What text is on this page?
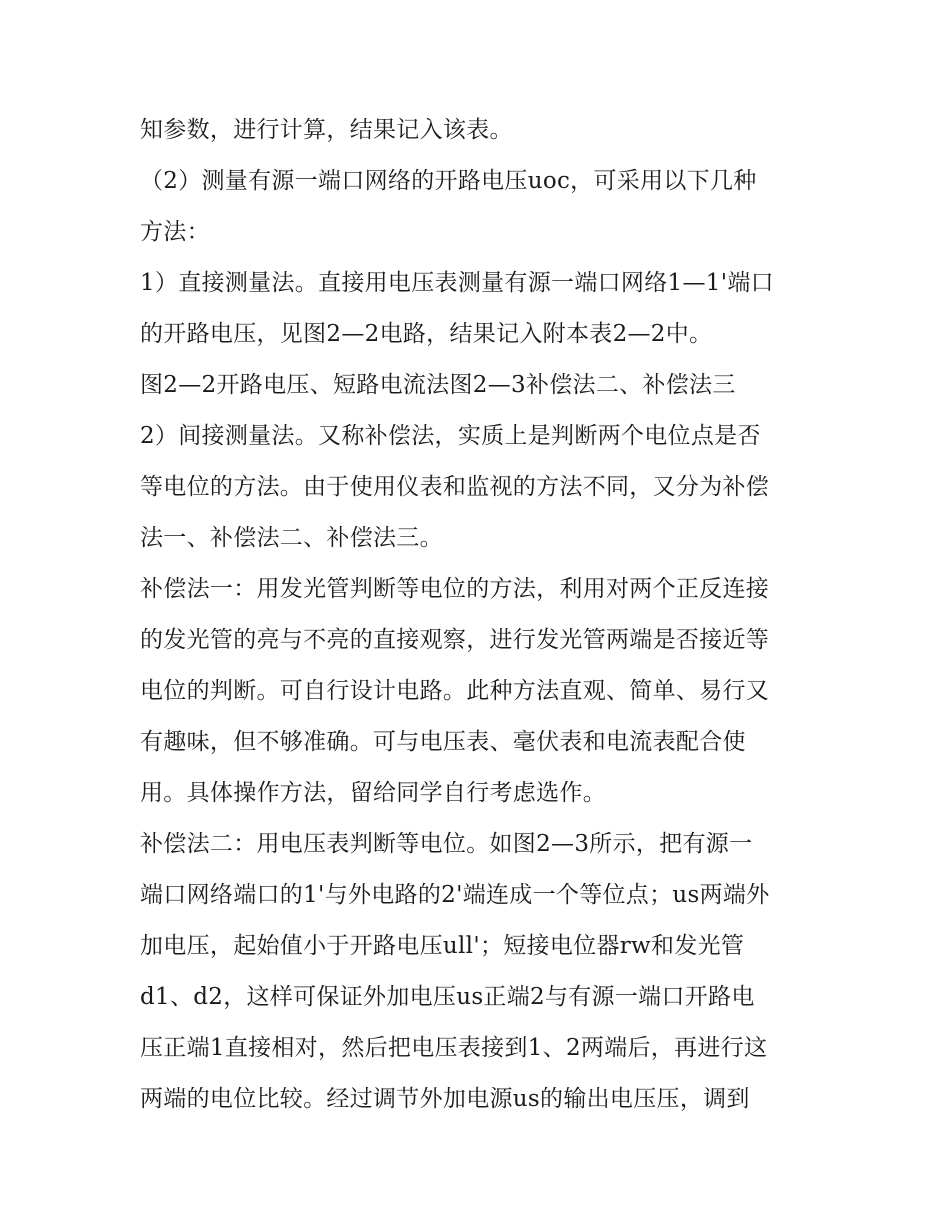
知参数，进行计算，结果记入该表。
（2）测量有源一端口网络的开路电压uoc，可采用以下几种
方法：
1）直接测量法。直接用电压表测量有源一端口网络1—1'端口
的开路电压，见图2—2电路，结果记入附本表2—2中。
图2—2开路电压、短路电流法图2—3补偿法二、补偿法三
2）间接测量法。又称补偿法，实质上是判断两个电位点是否
等电位的方法。由于使用仪表和监视的方法不同，又分为补偿
法一、补偿法二、补偿法三。
补偿法一：用发光管判断等电位的方法，利用对两个正反连接
的发光管的亮与不亮的直接观察，进行发光管两端是否接近等
电位的判断。可自行设计电路。此种方法直观、简单、易行又
有趣味，但不够准确。可与电压表、毫伏表和电流表配合使
用。具体操作方法，留给同学自行考虑选作。
补偿法二：用电压表判断等电位。如图2—3所示，把有源一
端口网络端口的1'与外电路的2'端连成一个等位点；us两端外
加电压，起始值小于开路电压ull'；短接电位器rw和发光管
d1、d2，这样可保证外加电压us正端2与有源一端口开路电
压正端1直接相对，然后把电压表接到1、2两端后，再进行这
两端的电位比较。经过调节外加电源us的输出电压压，调到
